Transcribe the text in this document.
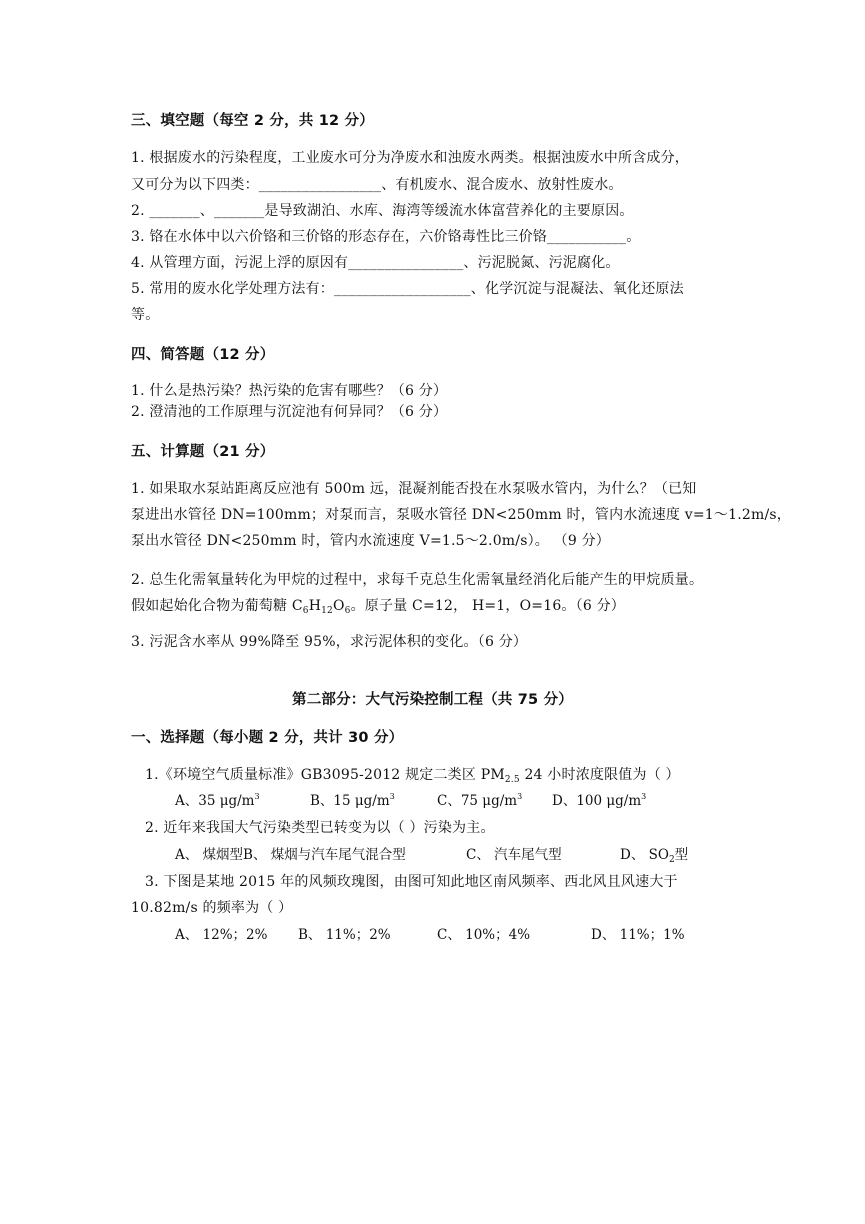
三、填空题（每空 2 分，共 12 分）
1. 根据废水的污染程度，工业废水可分为净废水和浊废水两类。根据浊废水中所含成分，
又可分为以下四类：_________________、有机废水、混合废水、放射性废水。
2. _______、_______是导致湖泊、水库、海湾等缓流水体富营养化的主要原因。
3. 铬在水体中以六价铬和三价铬的形态存在，六价铬毒性比三价铬___________。
4. 从管理方面，污泥上浮的原因有________________、污泥脱氮、污泥腐化。
5. 常用的废水化学处理方法有：___________________、化学沉淀与混凝法、氧化还原法
等。
四、简答题（12 分）
1. 什么是热污染？热污染的危害有哪些？（6 分）
2. 澄清池的工作原理与沉淀池有何异同？（6 分）
五、计算题（21 分）
1. 如果取水泵站距离反应池有 500m 远，混凝剂能否投在水泵吸水管内，为什么？（已知
泵进出水管径 DN=100mm；对泵而言，泵吸水管径 DN<250mm 时，管内水流速度 v=1～1.2m/s，
泵出水管径 DN<250mm 时，管内水流速度 V=1.5～2.0m/s）。 （9 分）
2. 总生化需氧量转化为甲烷的过程中，求每千克总生化需氧量经消化后能产生的甲烷质量。
假如起始化合物为葡萄糖 $C_6H_{12}O_6$。原子量 C=12， H=1，O=16。（6 分）
3. 污泥含水率从 99%降至 95%，求污泥体积的变化。（6 分）
第二部分：大气污染控制工程（共 75 分）
一、选择题（每小题 2 分，共计 30 分）
1.《环境空气质量标准》GB3095-2012 规定二类区 $PM_{2.5}$ 24 小时浓度限值为（ ）
A、35 $\mu g/m^3$	B、15 $\mu g/m^3$	C、75 $\mu g/m^3$ D、100 $\mu g/m^3$
2. 近年来我国大气污染类型已转变为以（ ）污染为主。
A、 煤烟型B、 煤烟与汽车尾气混合型	C、 汽车尾气型	D、 $SO_2$型
3. 下图是某地 2015 年的风频玫瑰图，由图可知此地区南风频率、西北风且风速大于
10.82m/s 的频率为（ ）
A、 12%；2% B、 11%；2%	C、 10%；4%	D、 11%；1%
